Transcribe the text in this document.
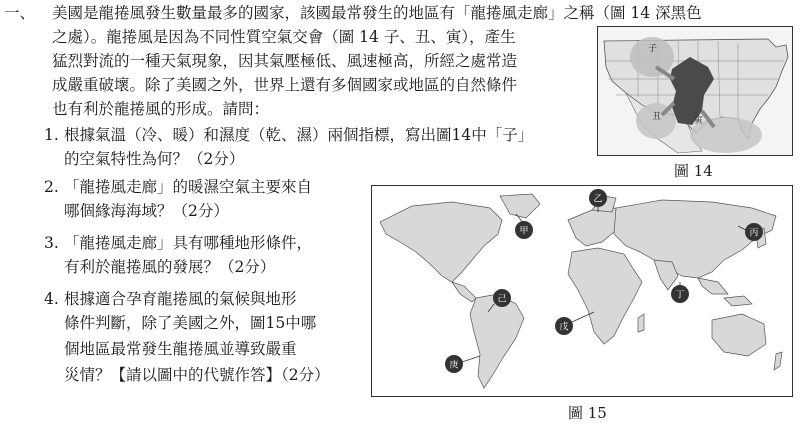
一、 美國是龍捲風發生數量最多的國家，該國最常發生的地區有「龍捲風走廊」之稱（圖 14 深黑色
之處）。龍捲風是因為不同性質空氣交會（圖 14 子、丑、寅），產生
猛烈對流的一種天氣現象，因其氣壓極低、風速極高，所經之處常造
成嚴重破壞。除了美國之外，世界上還有多個國家或地區的自然條件
也有利於龍捲風的形成。請問：
1. 根據氣溫（冷、暖）和濕度（乾、濕）兩個指標，寫出圖14中「子」
的空氣特性為何？（2分）
2. 「龍捲風走廊」的暖濕空氣主要來自
哪個緣海海域？（2分）
3. 「龍捲風走廊」具有哪種地形條件，
有利於龍捲風的發展？（2分）
4. 根據適合孕育龍捲風的氣候與地形
條件判斷，除了美國之外，圖15中哪
個地區最常發生龍捲風並導致嚴重
災情？【請以圖中的代號作答】（2分）
子
丑	寅
圖 14
甲
乙
丙
丁
戊
己
庚
圖 15
